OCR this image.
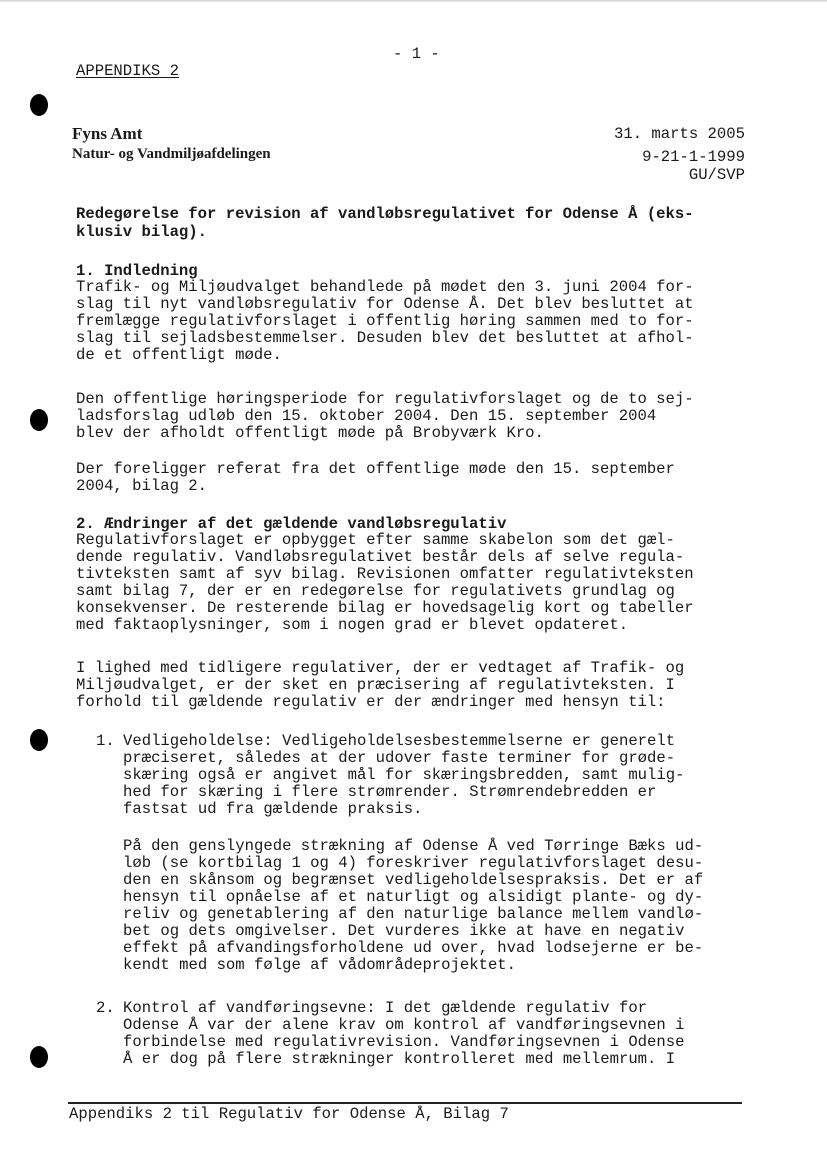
- 1 -

APPENDIKS 2

Fyns Amt

Natur- og Vandmiljøafdelingen

31. marts 2005

9-21-1-1999

GU/SVP

Redegørelse for revision af vandløbsregulativet for Odense Å (eks-

klusiv bilag).

1. Indledning

Trafik- og Miljøudvalget behandlede på mødet den 3. juni 2004 for-
slag til nyt vandløbsregulativ for Odense Å. Det blev besluttet at
fremlægge regulativforslaget i offentlig høring sammen med to for-
slag til sejladsbestemmelser. Desuden blev det besluttet at afhol-
de et offentligt møde.
Den offentlige høringsperiode for regulativforslaget og de to sej-
ladsforslag udløb den 15. oktober 2004. Den 15. september 2004
blev der afholdt offentligt møde på Brobyværk Kro.
Der foreligger referat fra det offentlige møde den 15. september
2004, bilag 2.

2. Ændringer af det gældende vandløbsregulativ

Regulativforslaget er opbygget efter samme skabelon som det gæl-
dende regulativ. Vandløbsregulativet består dels af selve regula-
tivteksten samt af syv bilag. Revisionen omfatter regulativteksten
samt bilag 7, der er en redegørelse for regulativets grundlag og
konsekvenser. De resterende bilag er hovedsagelig kort og tabeller
med faktaoplysninger, som i nogen grad er blevet opdateret.
I lighed med tidligere regulativer, der er vedtaget af Trafik- og
Miljøudvalget, er der sket en præcisering af regulativteksten. I
forhold til gældende regulativ er der ændringer med hensyn til:

1. Vedligeholdelse: Vedligeholdelsesbestemmelserne er generelt
præciseret, således at der udover faste terminer for grøde-
skæring også er angivet mål for skæringsbredden, samt mulig-
hed for skæring i flere strømrender. Strømrendebredden er
fastsat ud fra gældende praksis.
På den genslyngede strækning af Odense Å ved Tørringe Bæks ud-
løb (se kortbilag 1 og 4) foreskriver regulativforslaget desu-
den en skånsom og begrænset vedligeholdelsespraksis. Det er af
hensyn til opnåelse af et naturligt og alsidigt plante- og dy-
reliv og genetablering af den naturlige balance mellem vandlø-
bet og dets omgivelser. Det vurderes ikke at have en negativ
effekt på afvandingsforholdene ud over, hvad lodsejerne er be-
kendt med som følge af vådområdeprojektet.

2. Kontrol af vandføringsevne: I det gældende regulativ for
Odense Å var der alene krav om kontrol af vandføringsevnen i
forbindelse med regulativrevision. Vandføringsevnen i Odense
Å er dog på flere strækninger kontrolleret med mellemrum. I

Appendiks 2 til Regulativ for Odense Å, Bilag 7
